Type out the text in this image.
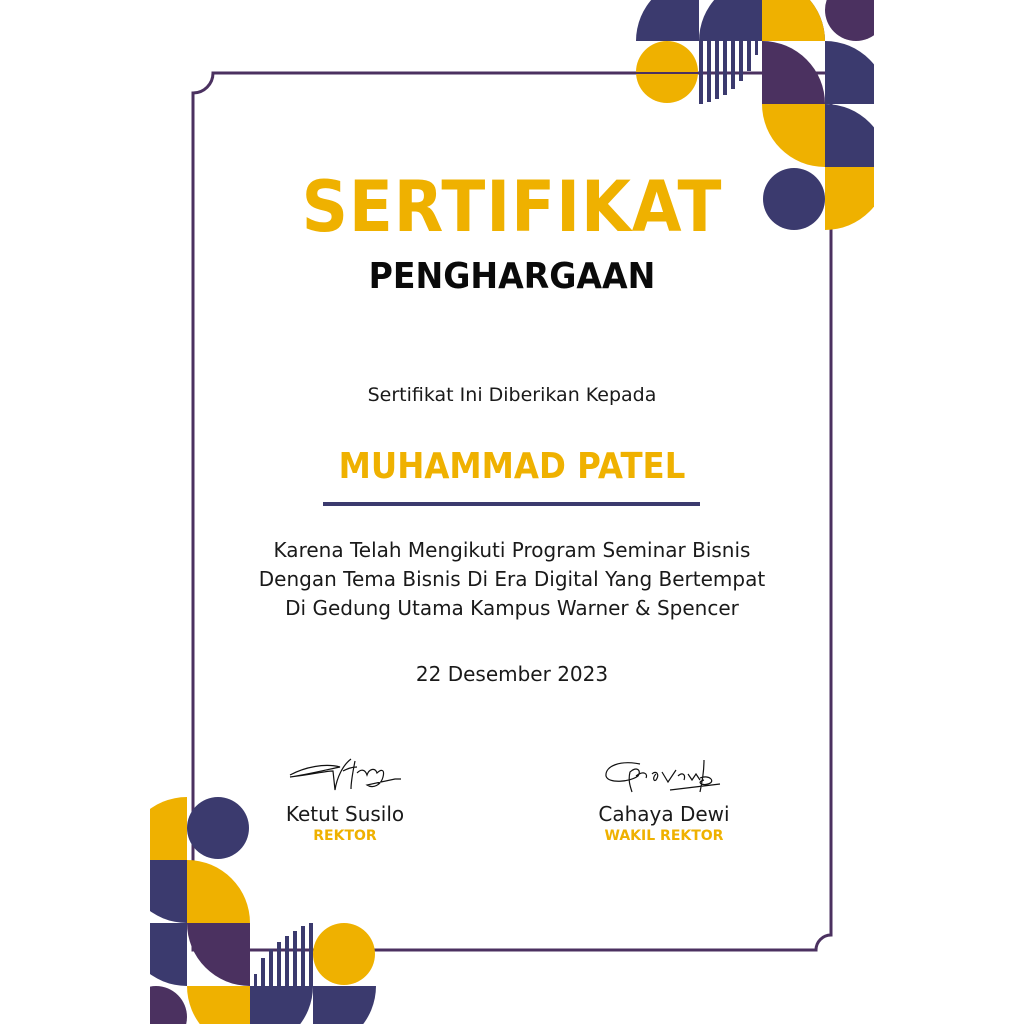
SERTIFIKAT
PENGHARGAAN
Sertifikat Ini Diberikan Kepada
MUHAMMAD PATEL
Karena Telah Mengikuti Program Seminar Bisnis
Dengan Tema Bisnis Di Era Digital Yang Bertempat
Di Gedung Utama Kampus Warner & Spencer
22 Desember 2023
Ketut Susilo
REKTOR
Cahaya Dewi
WAKIL REKTOR
